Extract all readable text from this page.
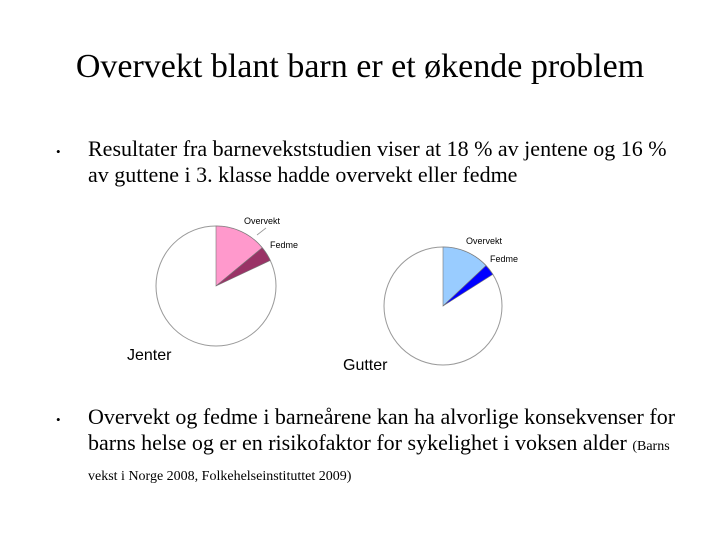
Overvekt blant barn er et økende problem
• Resultater fra barnevekststudien viser at 18 % av jentene og 16 % av guttene i 3. klasse hadde overvekt eller fedme
Overvekt
Fedme
Jenter
Overvekt
Fedme
Gutter
• Overvekt og fedme i barneårene kan ha alvorlige konsekvenser for barns helse og er en risikofaktor for sykelighet i voksen alder (Barns vekst i Norge 2008, Folkehelseinstituttet 2009)
